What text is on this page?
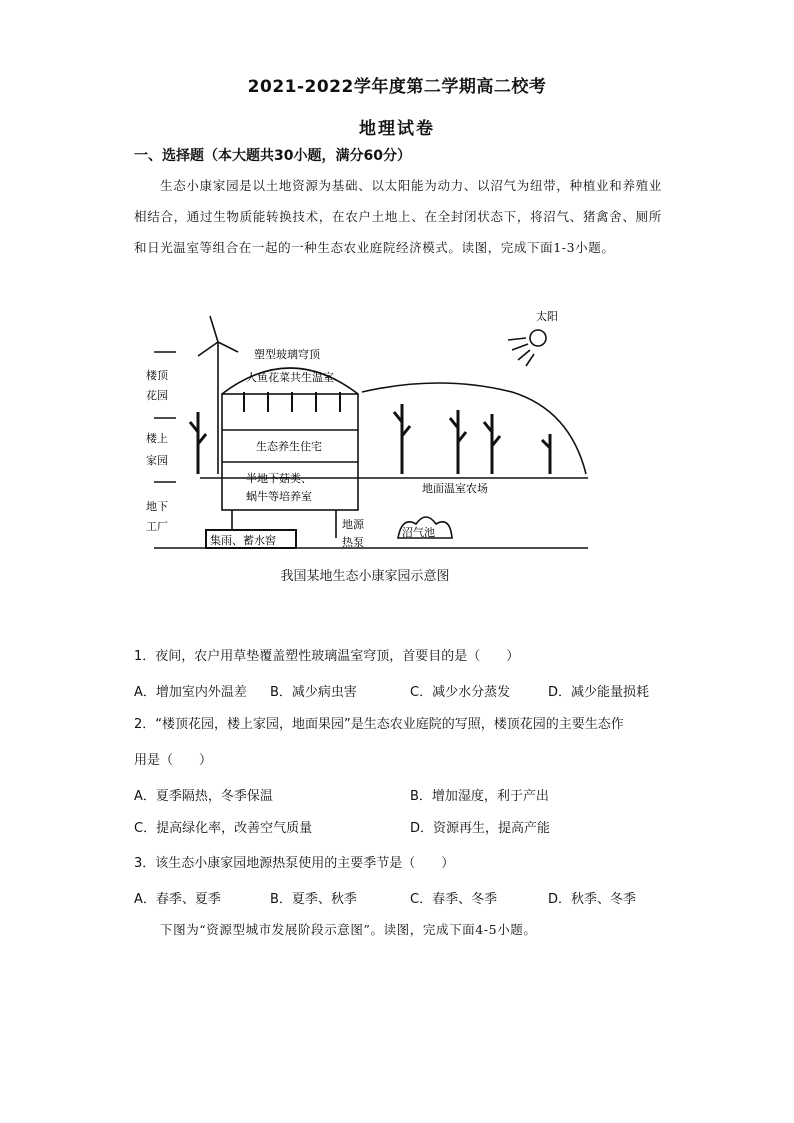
2021-2022学年度第二学期高二校考
地理试卷
一、选择题（本大题共30小题，满分60分）
生态小康家园是以土地资源为基础、以太阳能为动力、以沼气为纽带，种植业和养殖业相结合，通过生物质能转换技术，在农户土地上、在全封闭状态下，将沼气、猪禽舍、厕所和日光温室等组合在一起的一种生态农业庭院经济模式。读图，完成下面1-3小题。
太阳
塑型玻璃穹顶
人鱼花菜共生温室
生态养生住宅
半地下菇类、
蜗牛等培养室
地面温室农场
集雨、蓄水窖
地源
热泵
沼气池
楼顶
花园
楼上
家园
地下
工厂
我国某地生态小康家园示意图
1．夜间，农户用草垫覆盖塑性玻璃温室穹顶，首要目的是（　　）
A．增加室内外温差 B．减少病虫害	C．减少水分蒸发	D．减少能量损耗
2．“楼顶花园，楼上家园，地面果园”是生态农业庭院的写照，楼顶花园的主要生态作
用是（　　）
A．夏季隔热，冬季保温	B．增加湿度，利于产出
C．提高绿化率，改善空气质量	D．资源再生，提高产能
3．该生态小康家园地源热泵使用的主要季节是（　　）
A．春季、夏季	B．夏季、秋季	C．春季、冬季	D．秋季、冬季
下图为“资源型城市发展阶段示意图”。读图，完成下面4-5小题。
